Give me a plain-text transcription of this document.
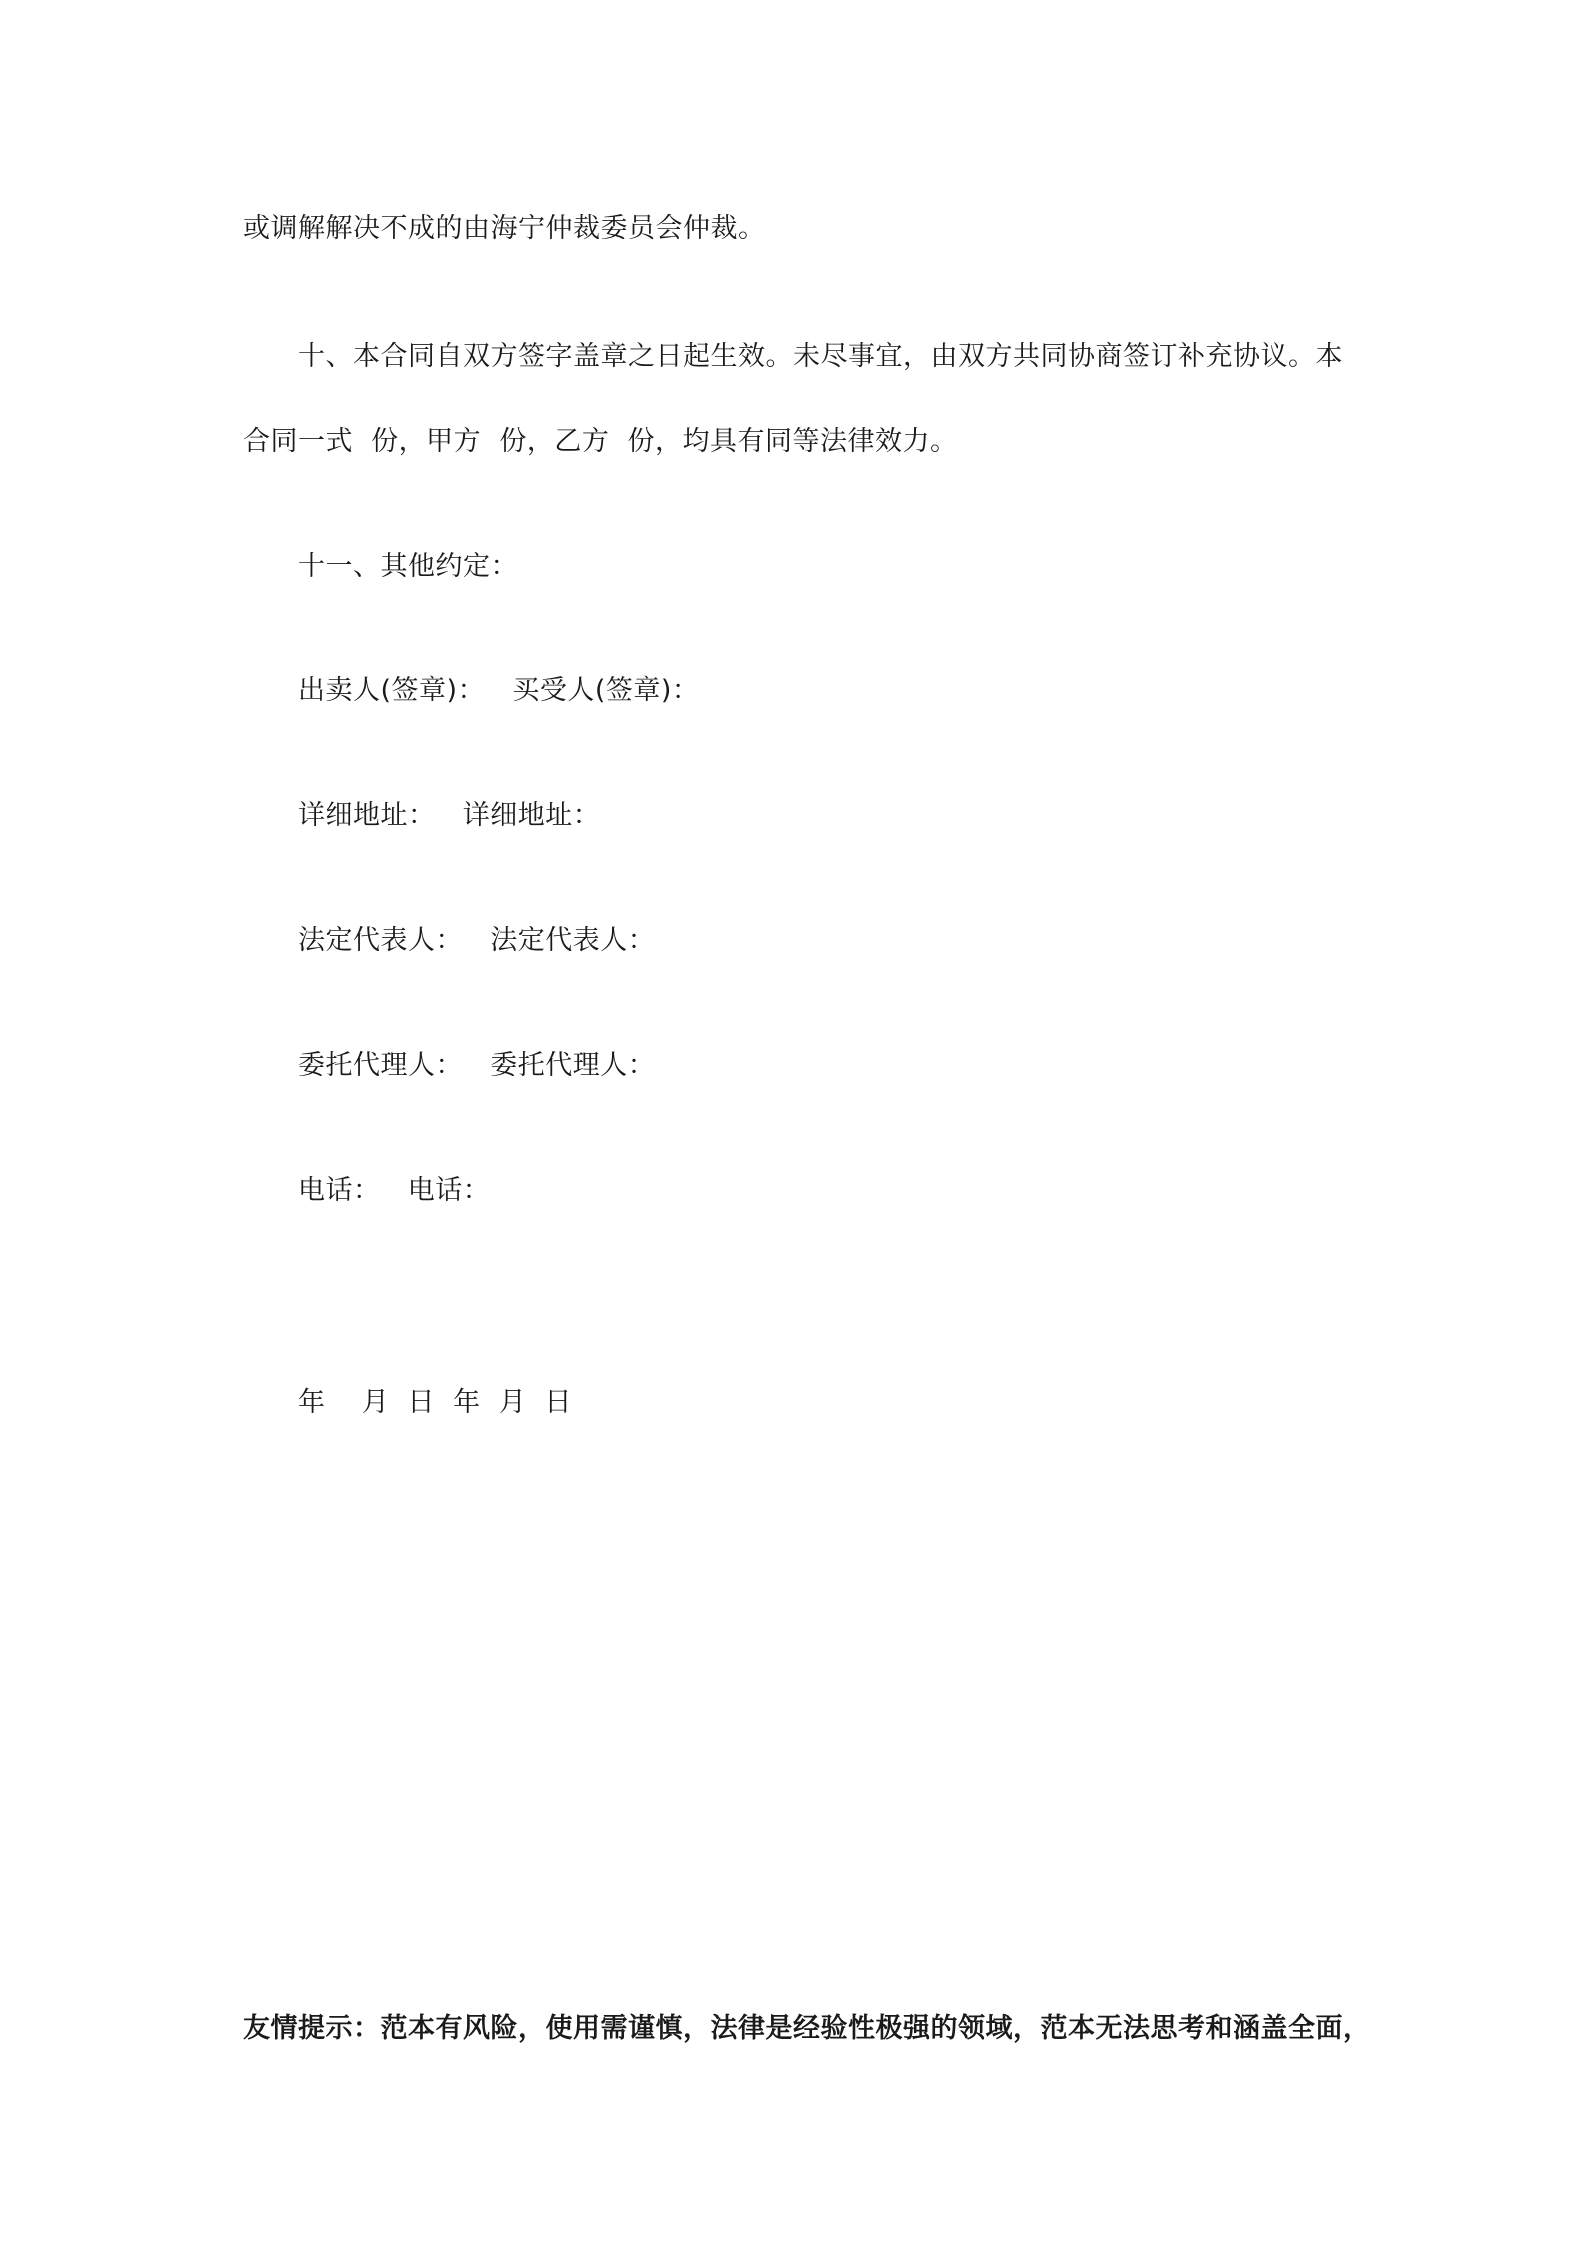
或调解解决不成的由海宁仲裁委员会仲裁。
十、本合同自双方签字盖章之日起生效。未尽事宜，由双方共同协商签订补充协议。本
合同一式  份，甲方  份，乙方  份，均具有同等法律效力。
十一、其他约定：
出卖人(签章)：   买受人(签章)：
详细地址：   详细地址：
法定代表人：   法定代表人：
委托代理人：   委托代理人：
电话：   电话：
年    月  日  年  月  日
友情提示：范本有风险，使用需谨慎，法律是经验性极强的领域，范本无法思考和涵盖全面，
